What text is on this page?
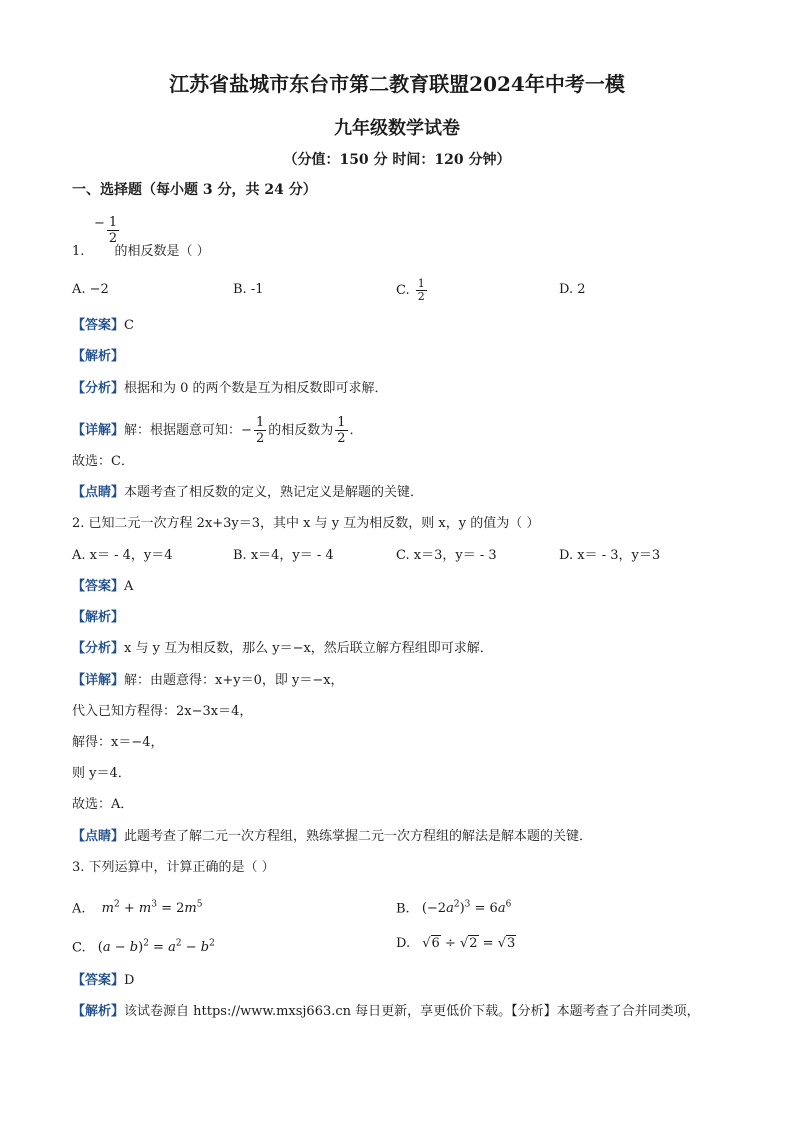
江苏省盐城市东台市第二教育联盟2024年中考一模
九年级数学试卷
（分值：150 分 时间：120 分钟）
一、选择题（每小题 3 分，共 24 分）
− $\frac{1}{2}$
1. 的相反数是（ ）
A. −2	B. -1	C. $\frac{1}{2}$	D. 2
【答案】C
【解析】
【分析】根据和为 0 的两个数是互为相反数即可求解．
【详解】解：根据题意可知：− $\frac{1}{2}$ 的相反数为 $\frac{1}{2}$ ．
故选：C．
【点睛】本题考查了相反数的定义，熟记定义是解题的关键．
2. 已知二元一次方程 2x+3y＝3，其中 x 与 y 互为相反数，则 x，y 的值为（ ）
A. x＝ - 4，y＝4	B. x＝4，y＝ - 4	C. x＝3，y＝ - 3	D. x＝ - 3，y＝3
【答案】A
【解析】
【分析】x 与 y 互为相反数，那么 y＝−x，然后联立解方程组即可求解．
【详解】解：由题意得：x+y＝0，即 y＝−x，
代入已知方程得：2x−3x＝4，
解得：x＝−4，
则 y＝4．
故选：A．
【点睛】此题考查了解二元一次方程组，熟练掌握二元一次方程组的解法是解本题的关键．
3. 下列运算中，计算正确的是（ ）
A. $m^2 + m^3 = 2m^5$	B. $(-2a^2)^3 = 6a^6$
C. $(a - b)^2 = a^2 - b^2$	D. √6 ÷ √2 = √3
【答案】D
【解析】该试卷源自 https://www.mxsj663.cn 每日更新，享更低价下载。【分析】本题考查了合并同类项，
